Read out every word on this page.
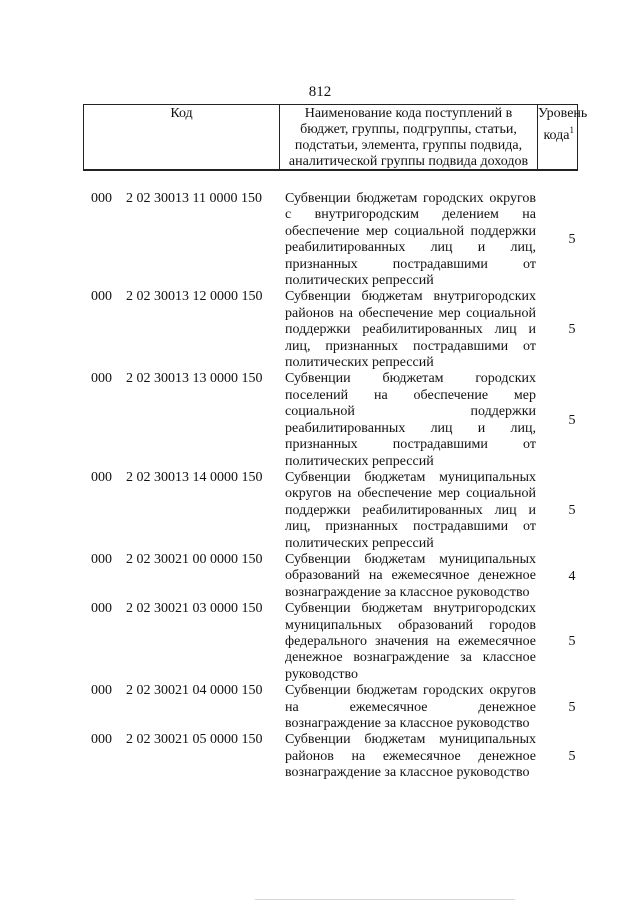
812
Код	Наименование кода поступлений в бюджет, группы, подгруппы, статьи, подстатьи, элемента, группы подвида, аналитической группы подвида доходов
Уровень кода$^1$
000 2 02 30013 11 0000 150 Субвенции бюджетам городских округов с внутригородским делением на обеспечение мер социальной поддержки реабилитированных лиц и лиц, признанных пострадавшими от политических репрессий
5
000 2 02 30013 12 0000 150 Субвенции бюджетам внутригородских районов на обеспечение мер социальной поддержки реабилитированных лиц и лиц, признанных пострадавшими от политических репрессий
5
000 2 02 30013 13 0000 150 Субвенции бюджетам городских поселений на обеспечение мер социальной поддержки реабилитированных лиц и лиц, признанных пострадавшими от политических репрессий
5
000 2 02 30013 14 0000 150 Субвенции бюджетам муниципальных округов на обеспечение мер социальной поддержки реабилитированных лиц и лиц, признанных пострадавшими от политических репрессий
5
000 2 02 30021 00 0000 150 Субвенции бюджетам муниципальных образований на ежемесячное денежное вознаграждение за классное руководство
4
000 2 02 30021 03 0000 150 Субвенции бюджетам внутригородских муниципальных образований городов федерального значения на ежемесячное денежное вознаграждение за классное руководство
5
000 2 02 30021 04 0000 150 Субвенции бюджетам городских округов на ежемесячное денежное вознаграждение за классное руководство
5
000 2 02 30021 05 0000 150 Субвенции бюджетам муниципальных районов на ежемесячное денежное вознаграждение за классное руководство
5
